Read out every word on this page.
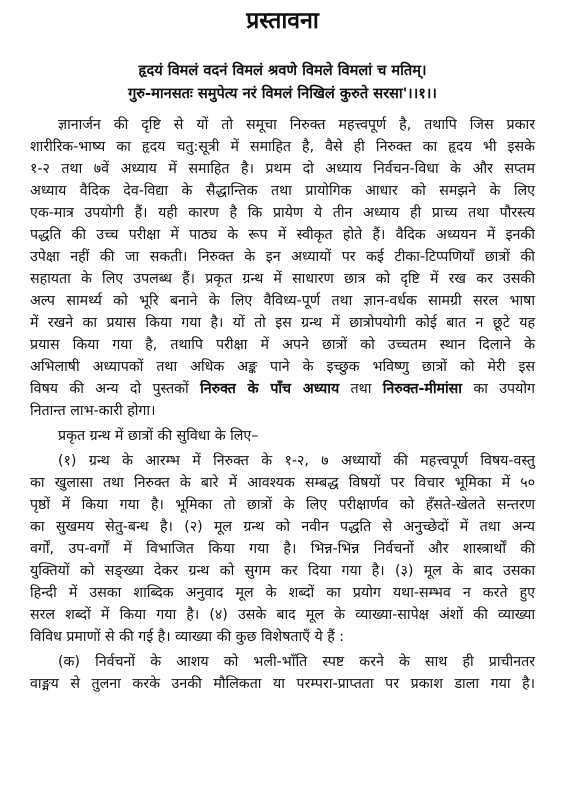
प्रस्तावना
हृदयं विमलं वदनं विमलं श्रवणे विमले विमलां च मतिम्।
गुरु-मानसतः समुपेत्य नरं विमलं निखिलं कुरुते सरसा'।।१।।
ज्ञानार्जन की दृष्टि से यों तो समूचा निरुक्त महत्त्वपूर्ण है, तथापि जिस प्रकार
शारीरिक-भाष्य का हृदय चतु:सूत्री में समाहित है, वैसे ही निरुक्त का हृदय भी इसके
१-२ तथा ७वें अध्याय में समाहित है। प्रथम दो अध्याय निर्वचन-विधा के और सप्तम
अध्याय वैदिक देव-विद्या के सैद्धान्तिक तथा प्रायोगिक आधार को समझने के लिए
एक-मात्र उपयोगी हैं। यही कारण है कि प्रायेण ये तीन अध्याय ही प्राच्य तथा पौरस्त्य
पद्धति की उच्च परीक्षा में पाठ्य के रूप में स्वीकृत होते हैं। वैदिक अध्ययन में इनकी
उपेक्षा नहीं की जा सकती। निरुक्त के इन अध्यायों पर कई टीका-टिप्पणियाँ छात्रों की
सहायता के लिए उपलब्ध हैं। प्रकृत ग्रन्थ में साधारण छात्र को दृष्टि में रख कर उसकी
अल्प सामर्थ्य को भूरि बनाने के लिए वैविध्य-पूर्ण तथा ज्ञान-वर्धक सामग्री सरल भाषा
में रखने का प्रयास किया गया है। यों तो इस ग्रन्थ में छात्रोपयोगी कोई बात न छूटे यह
प्रयास किया गया है, तथापि परीक्षा में अपने छात्रों को उच्चतम स्थान दिलाने के
अभिलाषी अध्यापकों तथा अधिक अङ्क पाने के इच्छुक भविष्णु छात्रों को मेरी इस
विषय की अन्य दो पुस्तकों निरुक्त के पाँच अध्याय तथा निरुक्त-मीमांसा का उपयोग
नितान्त लाभ-कारी होगा।
प्रकृत ग्रन्थ में छात्रों की सुविधा के लिए–
(१) ग्रन्थ के आरम्भ में निरुक्त के १-२, ७ अध्यायों की महत्त्वपूर्ण विषय-वस्तु
का खुलासा तथा निरुक्त के बारे में आवश्यक सम्बद्ध विषयों पर विचार भूमिका में ५०
पृष्ठों में किया गया है। भूमिका तो छात्रों के लिए परीक्षार्णव को हँसते-खेलते सन्तरण
का सुखमय सेतु-बन्ध है। (२) मूल ग्रन्थ को नवीन पद्धति से अनुच्छेदों में तथा अन्य
वर्गों, उप-वर्गों में विभाजित किया गया है। भिन्न-भिन्न निर्वचनों और शास्त्रार्थों की
युक्तियों को सङ्ख्या देकर ग्रन्थ को सुगम कर दिया गया है। (३) मूल के बाद उसका
हिन्दी में उसका शाब्दिक अनुवाद मूल के शब्दों का प्रयोग यथा-सम्भव न करते हुए
सरल शब्दों में किया गया है। (४) उसके बाद मूल के व्याख्या-सापेक्ष अंशों की व्याख्या
विविध प्रमाणों से की गई है। व्याख्या की कुछ विशेषताएँ ये हैं :
(क) निर्वचनों के आशय को भली-भाँति स्पष्ट करने के साथ ही प्राचीनतर
वाङ्मय से तुलना करके उनकी मौलिकता या परम्परा-प्राप्तता पर प्रकाश डाला गया है।
